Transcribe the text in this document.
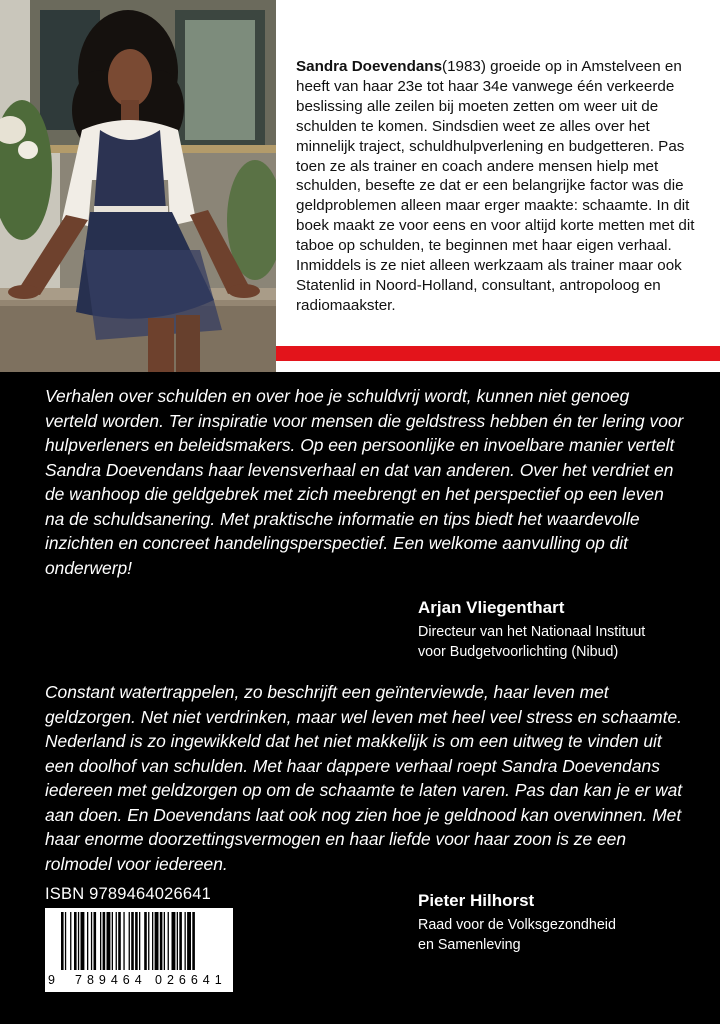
Sandra Doevendans(1983) groeide op in Amstelveen en heeft van haar 23e tot haar 34e vanwege één verkeerde beslissing alle zeilen bij moeten zetten om weer uit de schulden te komen. Sindsdien weet ze alles over het minnelijk traject, schuldhulpverlening en budgetteren. Pas toen ze als trainer en coach andere mensen hielp met schulden, besefte ze dat er een belangrijke factor was die geldproblemen alleen maar erger maakte: schaamte. In dit boek maakt ze voor eens en voor altijd korte metten met dit taboe op schulden, te beginnen met haar eigen verhaal. Inmiddels is ze niet alleen werkzaam als trainer maar ook Statenlid in Noord-Holland, consultant, antropoloog en radiomaakster.
Verhalen over schulden en over hoe je schuldvrij wordt, kunnen niet genoeg verteld worden. Ter inspiratie voor mensen die geldstress hebben én ter lering voor hulpverleners en beleidsmakers. Op een persoonlijke en invoelbare manier vertelt Sandra Doevendans haar levensverhaal en dat van anderen. Over het verdriet en de wanhoop die geldgebrek met zich meebrengt en het perspectief op een leven na de schuldsanering. Met praktische informatie en tips biedt het waardevolle inzichten en concreet handelingsperspectief. Een welkome aanvulling op dit onderwerp!
Arjan Vliegenthart
Directeur van het Nationaal Instituut
voor Budgetvoorlichting (Nibud)
Constant watertrappelen, zo beschrijft een geïnterviewde, haar leven met geldzorgen. Net niet verdrinken, maar wel leven met heel veel stress en schaamte. Nederland is zo ingewikkeld dat het niet makkelijk is om een uitweg te vinden uit een doolhof van schulden. Met haar dappere verhaal roept Sandra Doevendans iedereen met geldzorgen op om de schaamte te laten varen. Pas dan kan je er wat aan doen. En Doevendans laat ook nog zien hoe je geldnood kan overwinnen. Met haar enorme doorzettingsvermogen en haar liefde voor haar zoon is ze een rolmodel voor iedereen.
Pieter Hilhorst
Raad voor de Volksgezondheid
en Samenleving
ISBN 9789464026641
9 789464 026641
